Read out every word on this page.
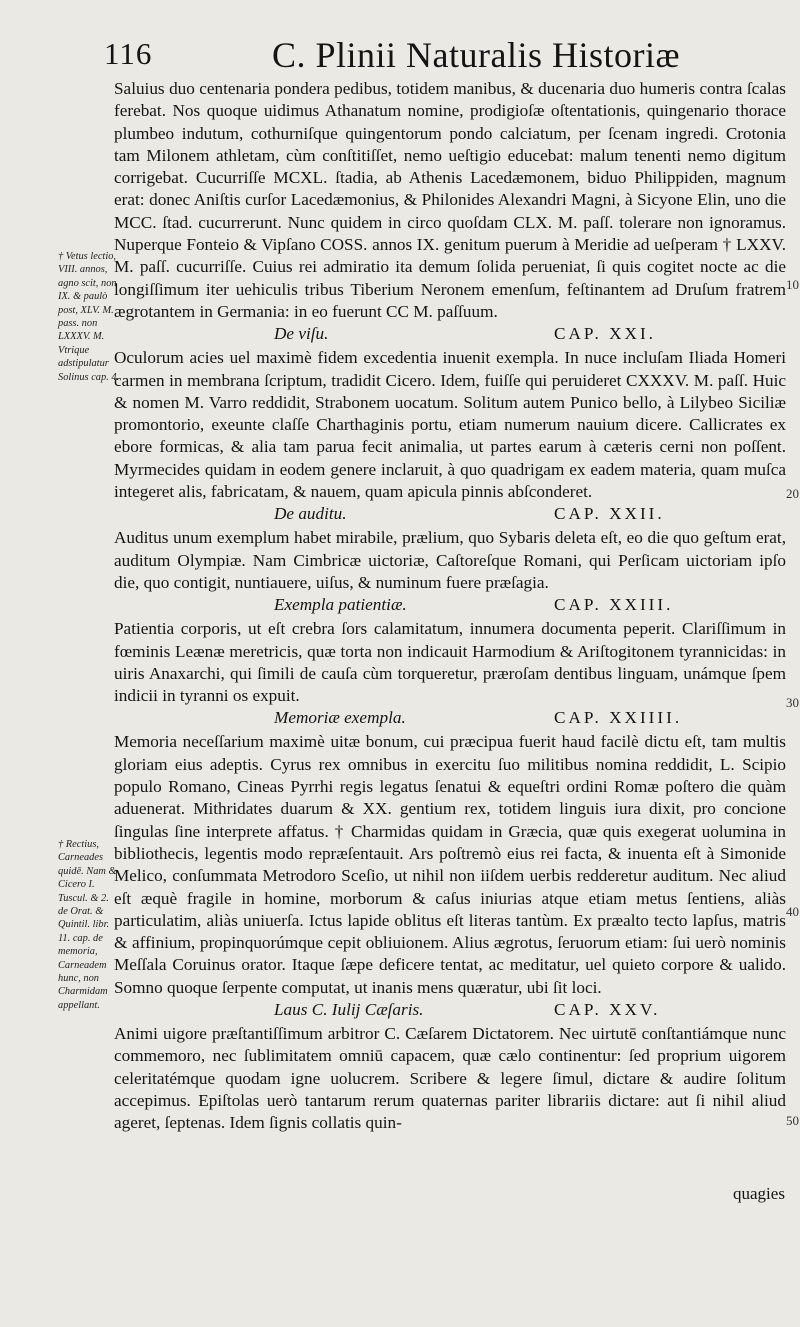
116	C. Plinii Naturalis Historiæ
† Vetus lectio, VIII. annos, agno scit, non IX. & paulò post, XLV. M. pass. non LXXXV. M. Vtrique adstipulatur Solinus cap. 4.
† Rectius, Carneades quidē. Nam & Cicero I. Tuscul. & 2. de Orat. & Quintil. libr. 11. cap. de memoria, Carneadem hunc, non Charmidam appellant.
10
20
30
40
50

Saluius duo centenaria pondera pedibus, totidem manibus, & ducenaria duo humeris contra ſcalas ferebat. Nos quoque uidimus Athanatum nomine, prodigioſæ oſtentationis, quingenario thorace plumbeo indutum, cothurniſque quingentorum pondo calciatum, per ſcenam ingredi. Crotonia tam Milonem athletam, cùm conſtitiſſet, nemo ueſtigio educebat: malum tenenti nemo digitum corrigebat. Cucurriſſe MCXL. ſtadia, ab Athenis Lacedæmonem, biduo Philippiden, magnum erat: donec Aniſtis curſor Lacedæmonius, & Philonides Alexandri Magni, à Sicyone Elin, uno die MCC. ſtad. cucurrerunt. Nunc quidem in circo quoſdam CLX. M. paſſ. tolerare non ignoramus. Nuperque Fonteio & Vipſano COSS. annos IX. genitum puerum à Meridie ad ueſperam † LXXV. M. paſſ. cucurriſſe. Cuius rei admiratio ita demum ſolida perueniat, ſi quis cogitet nocte ac die longiſſimum iter uehiculis tribus Tiberium Neronem emenſum, feſtinantem ad Druſum fratrem ægrotantem in Germania: in eo fuerunt CC M. paſſuum.

De viſu.	CAP. XXI.

Oculorum acies uel maximè fidem excedentia inuenit exempla. In nuce incluſam Iliada Homeri carmen in membrana ſcriptum, tradidit Cicero. Idem, fuiſſe qui peruideret CXXXV. M. paſſ. Huic & nomen M. Varro reddidit, Strabonem uocatum. Solitum autem Punico bello, à Lilybeo Siciliæ promontorio, exeunte claſſe Charthaginis portu, etiam numerum nauium dicere. Callicrates ex ebore formicas, & alia tam parua fecit animalia, ut partes earum à cæteris cerni non poſſent. Myrmecides quidam in eodem genere inclaruit, à quo quadrigam ex eadem materia, quam muſca integeret alis, fabricatam, & nauem, quam apicula pinnis abſconderet.

De auditu.	CAP. XXII.

Auditus unum exemplum habet mirabile, prælium, quo Sybaris deleta eſt, eo die quo geſtum erat, auditum Olympiæ. Nam Cimbricæ uictoriæ, Caſtoreſque Romani, qui Perſicam uictoriam ipſo die, quo contigit, nuntiauere, uiſus, & numinum fuere præſagia.

Exempla patientiæ.	CAP. XXIII.

Patientia corporis, ut eſt crebra ſors calamitatum, innumera documenta peperit. Clariſſimum in fœminis Leænæ meretricis, quæ torta non indicauit Harmodium & Ariſtogitonem tyrannicidas: in uiris Anaxarchi, qui ſimili de cauſa cùm torqueretur, præroſam dentibus linguam, unámque ſpem indicii in tyranni os expuit.

Memoriæ exempla.	CAP. XXIIII.

Memoria neceſſarium maximè uitæ bonum, cui præcipua fuerit haud facilè dictu eſt, tam multis gloriam eius adeptis. Cyrus rex omnibus in exercitu ſuo militibus nomina reddidit, L. Scipio populo Romano, Cineas Pyrrhi regis legatus ſenatui & equeſtri ordini Romæ poſtero die quàm aduenerat. Mithridates duarum & XX. gentium rex, totidem linguis iura dixit, pro concione ſingulas ſine interprete affatus. † Charmidas quidam in Græcia, quæ quis exegerat uolumina in bibliothecis, legentis modo repræſentauit. Ars poſtremò eius rei facta, & inuenta eſt à Simonide Melico, conſummata Metrodoro Sceſio, ut nihil non iiſdem uerbis redderetur auditum. Nec aliud eſt æquè fragile in homine, morborum & caſus iniurias atque etiam metus ſentiens, aliàs particulatim, aliàs uniuerſa. Ictus lapide oblitus eſt literas tantùm. Ex præalto tecto lapſus, matris & affinium, propinquorúmque cepit obliuionem. Alius ægrotus, ſeruorum etiam: ſui uerò nominis Meſſala Coruinus orator. Itaque ſæpe deficere tentat, ac meditatur, uel quieto corpore & ualido. Somno quoque ſerpente computat, ut inanis mens quæratur, ubi ſit loci.

Laus C. Iulij Cæſaris.	CAP. XXV.

Animi uigore præſtantiſſimum arbitror C. Cæſarem Dictatorem. Nec uirtutē conſtantiámque nunc commemoro, nec ſublimitatem omniū capacem, quæ cælo continentur: ſed proprium uigorem celeritatémque quodam igne uolucrem. Scribere & legere ſimul, dictare & audire ſolitum accepimus. Epiſtolas uerò tantarum rerum quaternas pariter librariis dictare: aut ſi nihil aliud ageret, ſeptenas. Idem ſignis collatis quin-

quagies
